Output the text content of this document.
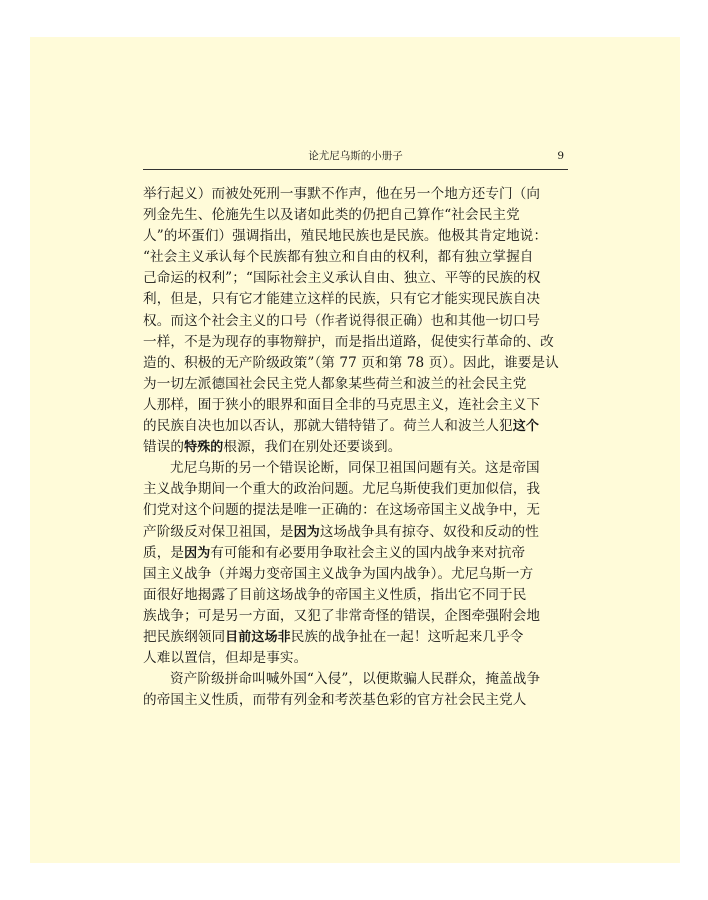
论尤尼乌斯的小册子	9

举行起义）而被处死刑一事默不作声，他在另一个地方还专门（向
列金先生、伦施先生以及诸如此类的仍把自己算作“社会民主党
人”的坏蛋们）强调指出，殖民地民族也是民族。他极其肯定地说：
“社会主义承认每个民族都有独立和自由的权利，都有独立掌握自
己命运的权利”；“国际社会主义承认自由、独立、平等的民族的权
利，但是，只有它才能建立这样的民族，只有它才能实现民族自决
权。而这个社会主义的口号（作者说得很正确）也和其他一切口号
一样，不是为现存的事物辩护，而是指出道路，促使实行革命的、改
造的、积极的无产阶级政策”（第 77 页和第 78 页）。因此，谁要是认
为一切左派德国社会民主党人都象某些荷兰和波兰的社会民主党
人那样，囿于狭小的眼界和面目全非的马克思主义，连社会主义下
的民族自决也加以否认，那就大错特错了。荷兰人和波兰人犯这个
错误的特殊的根源，我们在别处还要谈到。

尤尼乌斯的另一个错误论断，同保卫祖国问题有关。这是帝国
主义战争期间一个重大的政治问题。尤尼乌斯使我们更加似信，我
们党对这个问题的提法是唯一正确的：在这场帝国主义战争中，无
产阶级反对保卫祖国，是因为这场战争具有掠夺、奴役和反动的性
质，是因为有可能和有必要用争取社会主义的国内战争来对抗帝
国主义战争（并竭力变帝国主义战争为国内战争）。尤尼乌斯一方
面很好地揭露了目前这场战争的帝国主义性质，指出它不同于民
族战争；可是另一方面，又犯了非常奇怪的错误，企图牵强附会地
把民族纲领同目前这场非民族的战争扯在一起！这听起来几乎令
人难以置信，但却是事实。

资产阶级拼命叫喊外国“入侵”，以便欺骗人民群众，掩盖战争
的帝国主义性质，而带有列金和考茨基色彩的官方社会民主党人
